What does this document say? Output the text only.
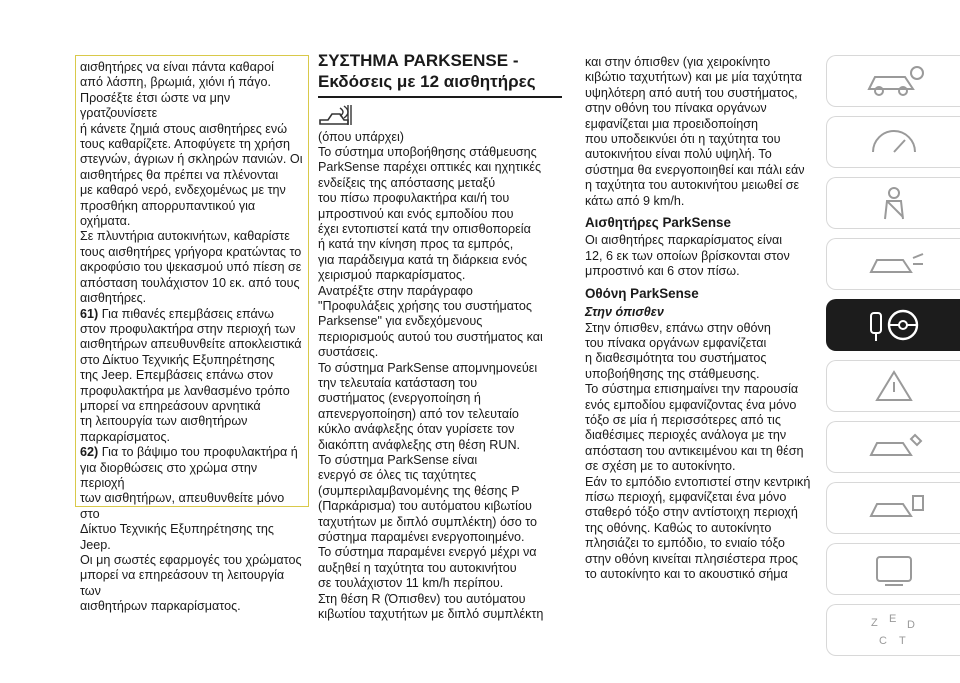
αισθητήρες να είναι πάντα καθαροί
από λάσπη, βρωμιά, χιόνι ή πάγο.
Προσέξτε έτσι ώστε να μην γρατζουνίσετε
ή κάνετε ζημιά στους αισθητήρες ενώ
τους καθαρίζετε. Αποφύγετε τη χρήση
στεγνών, άγριων ή σκληρών πανιών. Οι
αισθητήρες θα πρέπει να πλένονται
με καθαρό νερό, ενδεχομένως με την
προσθήκη απορρυπαντικού για οχήματα.
Σε πλυντήρια αυτοκινήτων, καθαρίστε
τους αισθητήρες γρήγορα κρατώντας το
ακροφύσιο του ψεκασμού υπό πίεση σε
απόσταση τουλάχιστον 10 εκ. από τους
αισθητήρες.

61) Για πιθανές επεμβάσεις επάνω
στον προφυλακτήρα στην περιοχή των
αισθητήρων απευθυνθείτε αποκλειστικά
στο Δίκτυο Τεχνικής Εξυπηρέτησης
της Jeep. Επεμβάσεις επάνω στον
προφυλακτήρα με λανθασμένο τρόπο
μπορεί να επηρεάσουν αρνητικά
τη λειτουργία των αισθητήρων
παρκαρίσματος.

62) Για το βάψιμο του προφυλακτήρα ή
για διορθώσεις στο χρώμα στην περιοχή
των αισθητήρων, απευθυνθείτε μόνο στο
Δίκτυο Τεχνικής Εξυπηρέτησης της Jeep.
Οι μη σωστές εφαρμογές του χρώματος
μπορεί να επηρεάσουν τη λειτουργία των
αισθητήρων παρκαρίσματος.

ΣΥΣΤΗΜΑ PARKSENSE -
Εκδόσεις με 12 αισθητήρες

(όπου υπάρχει)
Το σύστημα υποβοήθησης στάθμευσης
ParkSense παρέχει οπτικές και ηχητικές
ενδείξεις της απόστασης μεταξύ
του πίσω προφυλακτήρα και/ή του
μπροστινού και ενός εμποδίου που
έχει εντοπιστεί κατά την οπισθοπορεία
ή κατά την κίνηση προς τα εμπρός,
για παράδειγμα κατά τη διάρκεια ενός
χειρισμού παρκαρίσματος.
Ανατρέξτε στην παράγραφο
"Προφυλάξεις χρήσης του συστήματος
Parksense" για ενδεχόμενους
περιορισμούς αυτού του συστήματος και
συστάσεις.
Το σύστημα ParkSense απομνημονεύει
την τελευταία κατάσταση του
συστήματος (ενεργοποίηση ή
απενεργοποίηση) από τον τελευταίο
κύκλο ανάφλεξης όταν γυρίσετε τον
διακόπτη ανάφλεξης στη θέση RUN.
Το σύστημα ParkSense είναι
ενεργό σε όλες τις ταχύτητες
(συμπεριλαμβανομένης της θέσης P
(Παρκάρισμα) του αυτόματου κιβωτίου
ταχυτήτων με διπλό συμπλέκτη) όσο το
σύστημα παραμένει ενεργοποιημένο.
Το σύστημα παραμένει ενεργό μέχρι να
αυξηθεί η ταχύτητα του αυτοκινήτου
σε τουλάχιστον 11 km/h περίπου.
Στη θέση R (Όπισθεν) του αυτόματου
κιβωτίου ταχυτήτων με διπλό συμπλέκτη

και στην όπισθεν (για χειροκίνητο
κιβώτιο ταχυτήτων) και με μία ταχύτητα
υψηλότερη από αυτή του συστήματος,
στην οθόνη του πίνακα οργάνων
εμφανίζεται μια προειδοποίηση
που υποδεικνύει ότι η ταχύτητα του
αυτοκινήτου είναι πολύ υψηλή. Το
σύστημα θα ενεργοποιηθεί και πάλι εάν
η ταχύτητα του αυτοκινήτου μειωθεί σε
κάτω από 9 km/h.

Αισθητήρες ParkSense

Οι αισθητήρες παρκαρίσματος είναι
12, 6 εκ των οποίων βρίσκονται στον
μπροστινό και 6 στον πίσω.

Οθόνη ParkSense
Στην όπισθεν

Στην όπισθεν, επάνω στην οθόνη
του πίνακα οργάνων εμφανίζεται
η διαθεσιμότητα του συστήματος
υποβοήθησης της στάθμευσης.
Το σύστημα επισημαίνει την παρουσία
ενός εμποδίου εμφανίζοντας ένα μόνο
τόξο σε μία ή περισσότερες από τις
διαθέσιμες περιοχές ανάλογα με την
απόσταση του αντικειμένου και τη θέση
σε σχέση με το αυτοκίνητο.
Εάν το εμπόδιο εντοπιστεί στην κεντρική
πίσω περιοχή, εμφανίζεται ένα μόνο
σταθερό τόξο στην αντίστοιχη περιοχή
της οθόνης. Καθώς το αυτοκίνητο
πλησιάζει το εμπόδιο, το ενιαίο τόξο
στην οθόνη κινείται πλησιέστερα προς
το αυτοκίνητο και το ακουστικό σήμα

Z E D
C T
